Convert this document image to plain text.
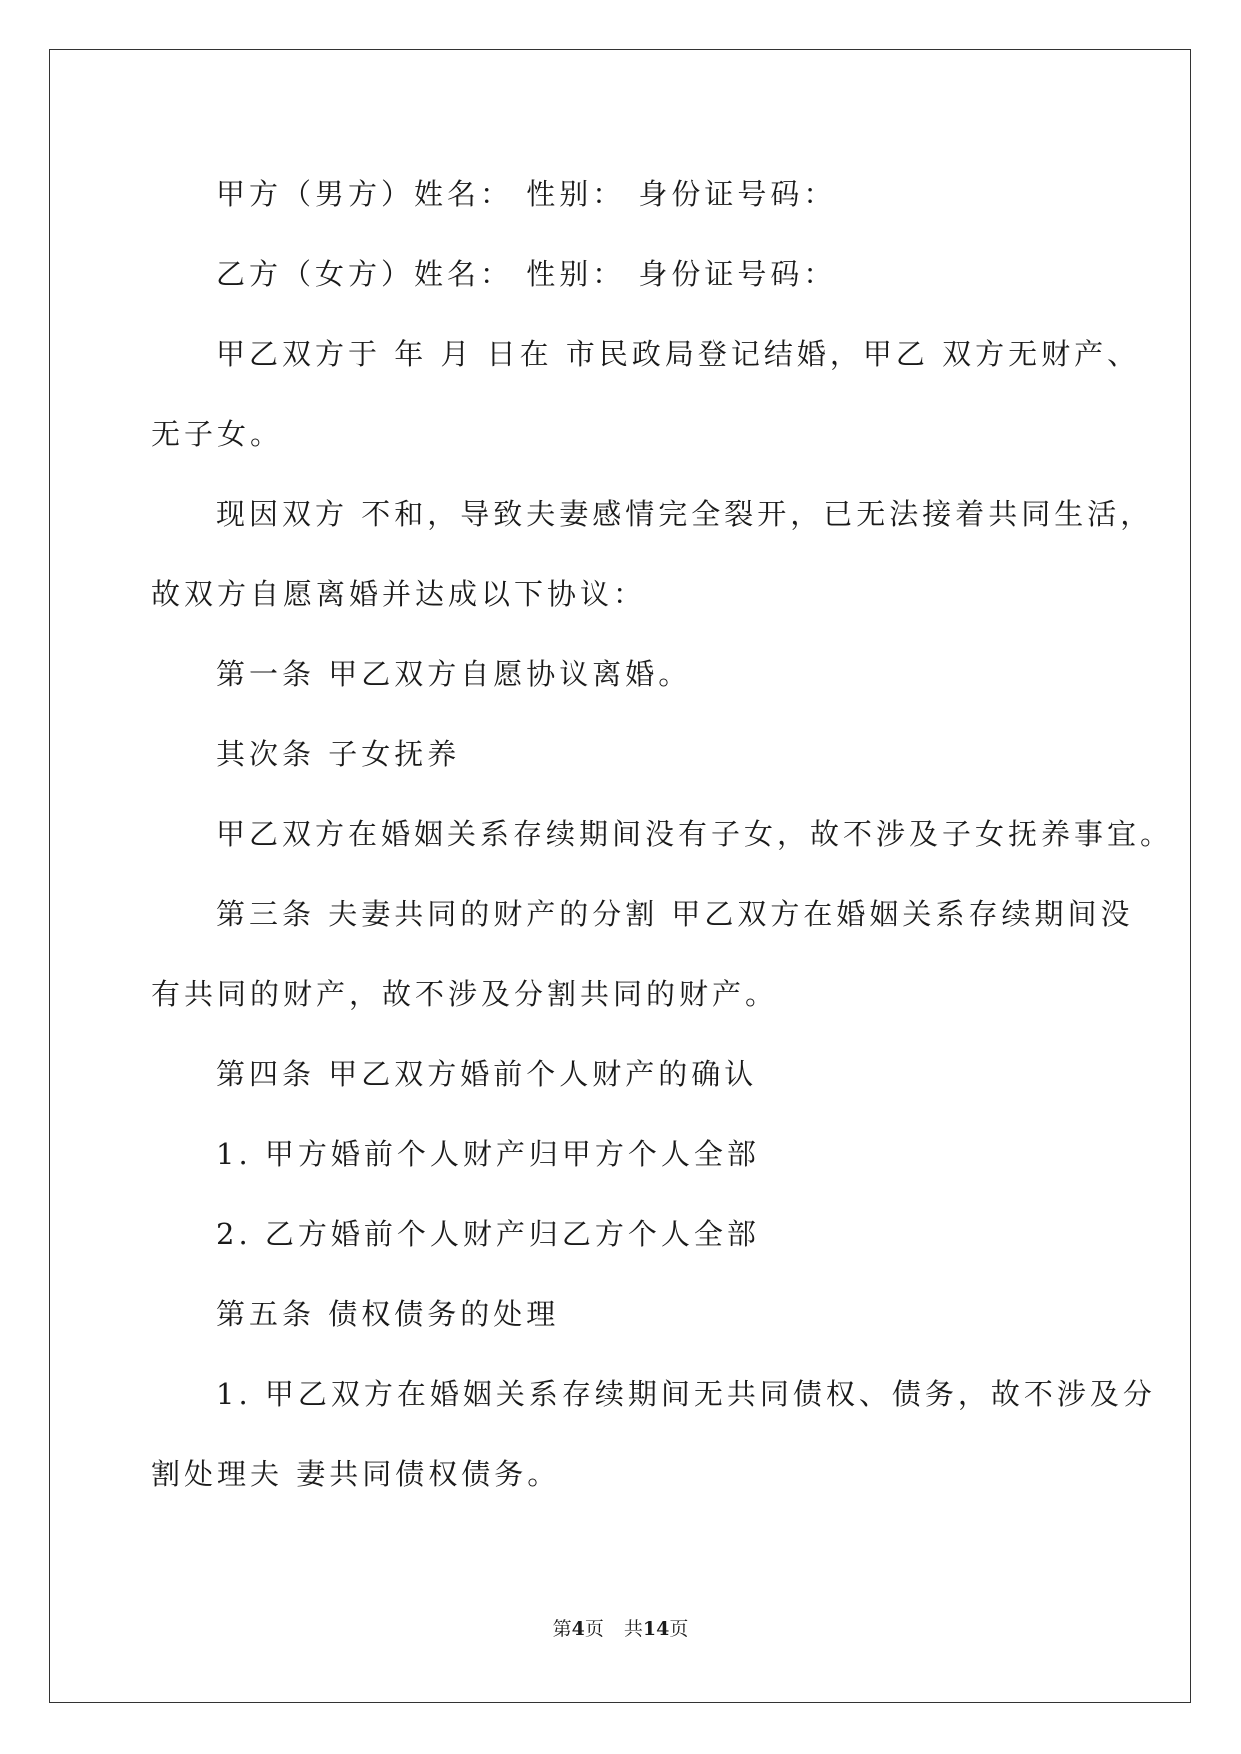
甲方（男方）姓名： 性别： 身份证号码：
乙方（女方）姓名： 性别： 身份证号码：
甲乙双方于 年 月 日在 市民政局登记结婚，甲乙 双方无财产、
无子女。
现因双方 不和，导致夫妻感情完全裂开，已无法接着共同生活，
故双方自愿离婚并达成以下协议：
第一条 甲乙双方自愿协议离婚。
其次条 子女抚养
甲乙双方在婚姻关系存续期间没有子女，故不涉及子女抚养事宜。
第三条 夫妻共同的财产的分割 甲乙双方在婚姻关系存续期间没
有共同的财产，故不涉及分割共同的财产。
第四条 甲乙双方婚前个人财产的确认
1. 甲方婚前个人财产归甲方个人全部
2. 乙方婚前个人财产归乙方个人全部
第五条 债权债务的处理
1. 甲乙双方在婚姻关系存续期间无共同债权、债务，故不涉及分
割处理夫 妻共同债权债务。
第4页 共14页
